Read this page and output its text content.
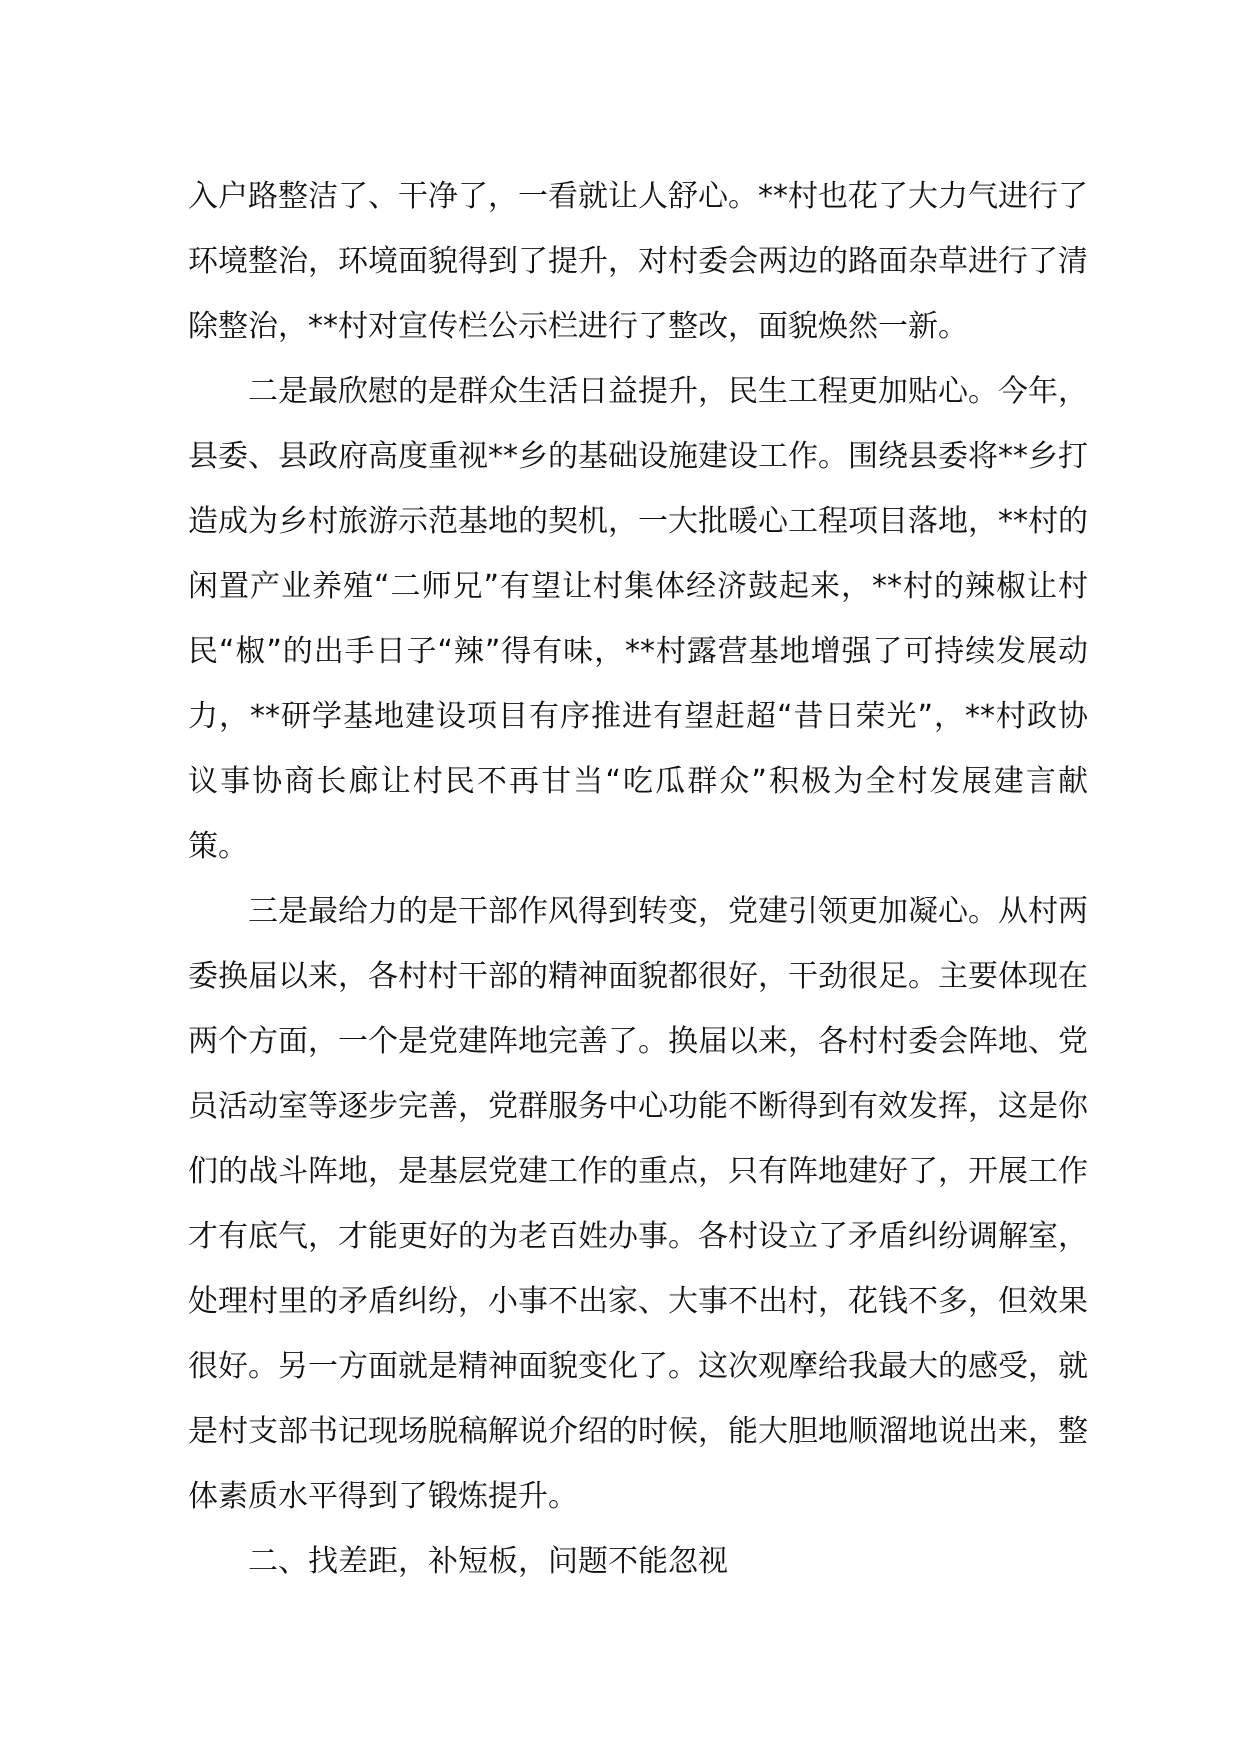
入户路整洁了、干净了，一看就让人舒心。**村也花了大力气进行了环境整治，环境面貌得到了提升，对村委会两边的路面杂草进行了清除整治，**村对宣传栏公示栏进行了整改，面貌焕然一新。

二是最欣慰的是群众生活日益提升，民生工程更加贴心。今年，县委、县政府高度重视**乡的基础设施建设工作。围绕县委将**乡打造成为乡村旅游示范基地的契机，一大批暖心工程项目落地，**村的闲置产业养殖“二师兄”有望让村集体经济鼓起来，**村的辣椒让村民“椒”的出手日子“辣”得有味，**村露营基地增强了可持续发展动力，**研学基地建设项目有序推进有望赶超“昔日荣光”，**村政协议事协商长廊让村民不再甘当“吃瓜群众”积极为全村发展建言献策。

三是最给力的是干部作风得到转变，党建引领更加凝心。从村两委换届以来，各村村干部的精神面貌都很好，干劲很足。主要体现在两个方面，一个是党建阵地完善了。换届以来，各村村委会阵地、党员活动室等逐步完善，党群服务中心功能不断得到有效发挥，这是你们的战斗阵地，是基层党建工作的重点，只有阵地建好了，开展工作才有底气，才能更好的为老百姓办事。各村设立了矛盾纠纷调解室，处理村里的矛盾纠纷，小事不出家、大事不出村，花钱不多，但效果很好。另一方面就是精神面貌变化了。这次观摩给我最大的感受，就是村支部书记现场脱稿解说介绍的时候，能大胆地顺溜地说出来，整体素质水平得到了锻炼提升。

二、找差距，补短板，问题不能忽视
